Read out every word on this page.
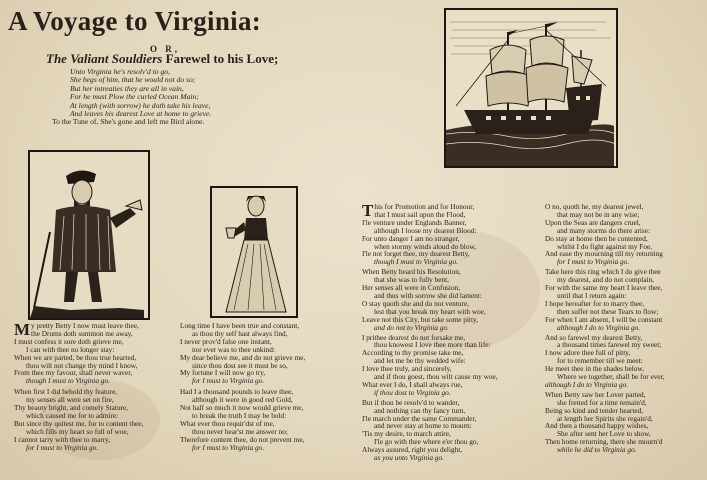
A Voyage to Virginia:
O R,
The Valiant Souldiers Farewel to his Love;
Unto Virginia he's resolv'd to go,
She begs of him, that he would not do so;
But her intreaties they are all in vain,
For he must Plow the curled Ocean Main;
At length (with sorrow) he doth take his leave,
And leaves his dearest Love at home to grieve.
To the Tune of, She's gone and left me Bird alone.
My pretty Betty I now must leave thee,
the Drums doth summon me away,
I must confess it sore doth grieve me,
I can with thee no longer stay:
When we are parted, be thou true hearted,
thou wilt not change thy mind I know,
From thee my favour, shall never waver,
though I must to Virginia go.
When first I did behold thy feature,
my senses all were set on fire,
Thy beauty bright, and comely Stature,
which caused me for to admire:
But since thy quitest me, for to content thee,
which fills my heart so full of woe,
I cannot tarry with thee to marry,
for I must to Virginia go.
Long time I have been true and constant,
as thou thy self hast always find,
I never prov'd false one instant,
nor ever was to thee unkind:
My dear believe me, and do not grieve me,
since thou dost see it must be so,
My fortune I will now go try,
for I must to Virginia go.
Had I a thousand pounds to leave thee,
although it were in good red Gold,
Not half so much it now would grieve me,
to break the truth I may be bold:
What ever thou requir'dst of me,
thou never hear'st me answer no;
Therefore content thee, do not prevent me,
for I must to Virginia go.
This for Promotion and for Honour,
that I must sail upon the Flood,
I'le venture under Englands Banner,
although I loose my dearest Blood:
For unto danger I am no stranger,
when stormy winds aloud do blow,
I'le not forget thee, my dearest Betty,
though I must to Virginia go.
When Betty heard his Resolution,
that she was to fully bent,
Her senses all were in Confusion,
and thus with sorrow she did lament:
O stay quoth she and do not venture,
lest that you break my heart with woe,
Leave not this City, but take some pitty,
and do not to Virginia go.
I prithee dearest do not forsake me,
thou knowest I love thee more than life:
According to thy promise take me,
and let me be thy wedded wife:
I love thee truly, and sincerely,
and if thou goest, thou wilt cause my woe,
What ever I do, I shall always rue,
if thou dost to Virginia go.
But if thou be resolv'd to wander,
and nothing can thy fancy turn,
I'le march under the same Commander,
and never stay at home to mourn:
'Tis my desire, to march attire,
I'le go with thee where e'er thou go,
Always assured, right you delight,
as you unto Virginia go.
O no, quoth he, my dearest jewel,
that may not be in any wise;
Upon the Seas are dangers cruel,
and many storms do there arise:
Do stay at home then be contented,
whilst I do fight against my Foe,
And ease thy mourning till my returning
for I must to Virginia go.
Take here this ring which I do give thee
my dearest, and do not complain,
For with the same my heart I leave thee,
until that I return again:
I hope hereafter for to marry thee,
then suffer not these Tears to flow;
For when I am absent, I will be constant
although I do to Virginia go.
And so farewel my dearest Betty,
a thousand times farewel my sweet;
I now adore thee full of pitty,
for to remember till we meet:
He meet thee in the shades below,
Where we together, shall be for ever,
although I do to Virginia go.
When Betty saw her Lover parted,
she fretted for a time remain'd,
Being so kind and tender hearted,
at length her Spirits she regain'd,
And then a thousand happy wishes,
She after sent her Love to show,
Then home returning, there she mourn'd
while he did to Virginia go.
